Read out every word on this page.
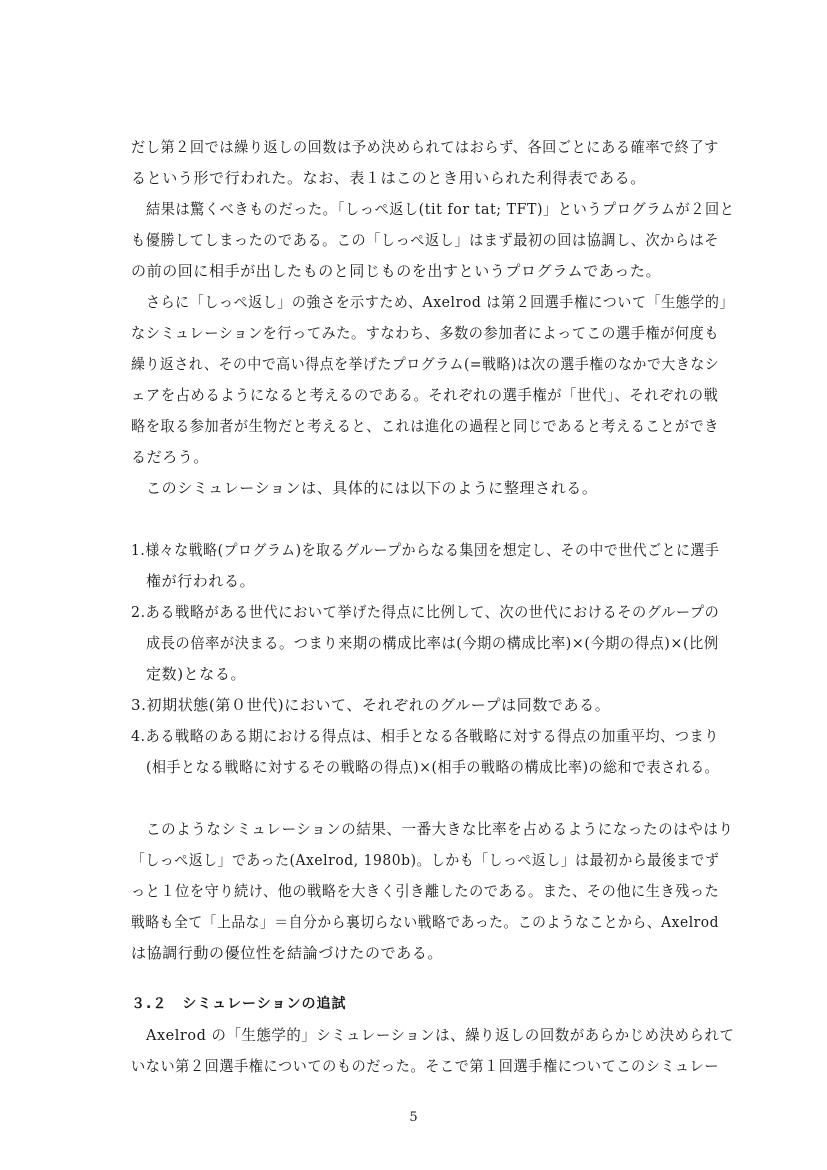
だし第２回では繰り返しの回数は予め決められてはおらず、各回ごとにある確率で終了す
るという形で行われた。なお、表１はこのとき用いられた利得表である。
結果は驚くべきものだった。「しっぺ返し(tit for tat; TFT)」というプログラムが２回と
も優勝してしまったのである。この「しっぺ返し」はまず最初の回は協調し、次からはそ
の前の回に相手が出したものと同じものを出すというプログラムであった。
さらに「しっぺ返し」の強さを示すため、Axelrod は第２回選手権について「生態学的」
なシミュレーションを行ってみた。すなわち、多数の参加者によってこの選手権が何度も
繰り返され、その中で高い得点を挙げたプログラム(=戦略)は次の選手権のなかで大きなシ
ェアを占めるようになると考えるのである。それぞれの選手権が「世代」、それぞれの戦
略を取る参加者が生物だと考えると、これは進化の過程と同じであると考えることができ
るだろう。
このシミュレーションは、具体的には以下のように整理される。
1.様々な戦略(プログラム)を取るグループからなる集団を想定し、その中で世代ごとに選手
権が行われる。
2.ある戦略がある世代において挙げた得点に比例して、次の世代におけるそのグループの
成長の倍率が決まる。つまり来期の構成比率は(今期の構成比率)×(今期の得点)×(比例
定数)となる。
3.初期状態(第０世代)において、それぞれのグループは同数である。
4.ある戦略のある期における得点は、相手となる各戦略に対する得点の加重平均、つまり
(相手となる戦略に対するその戦略の得点)×(相手の戦略の構成比率)の総和で表される。
このようなシミュレーションの結果、一番大きな比率を占めるようになったのはやはり
「しっぺ返し」であった(Axelrod, 1980b)。しかも「しっぺ返し」は最初から最後までず
っと１位を守り続け、他の戦略を大きく引き離したのである。また、その他に生き残った
戦略も全て「上品な」＝自分から裏切らない戦略であった。このようなことから、Axelrod
は協調行動の優位性を結論づけたのである。
３.２　シミュレーションの追試
Axelrod の「生態学的」シミュレーションは、繰り返しの回数があらかじめ決められて
いない第２回選手権についてのものだった。そこで第１回選手権についてこのシミュレー
5
